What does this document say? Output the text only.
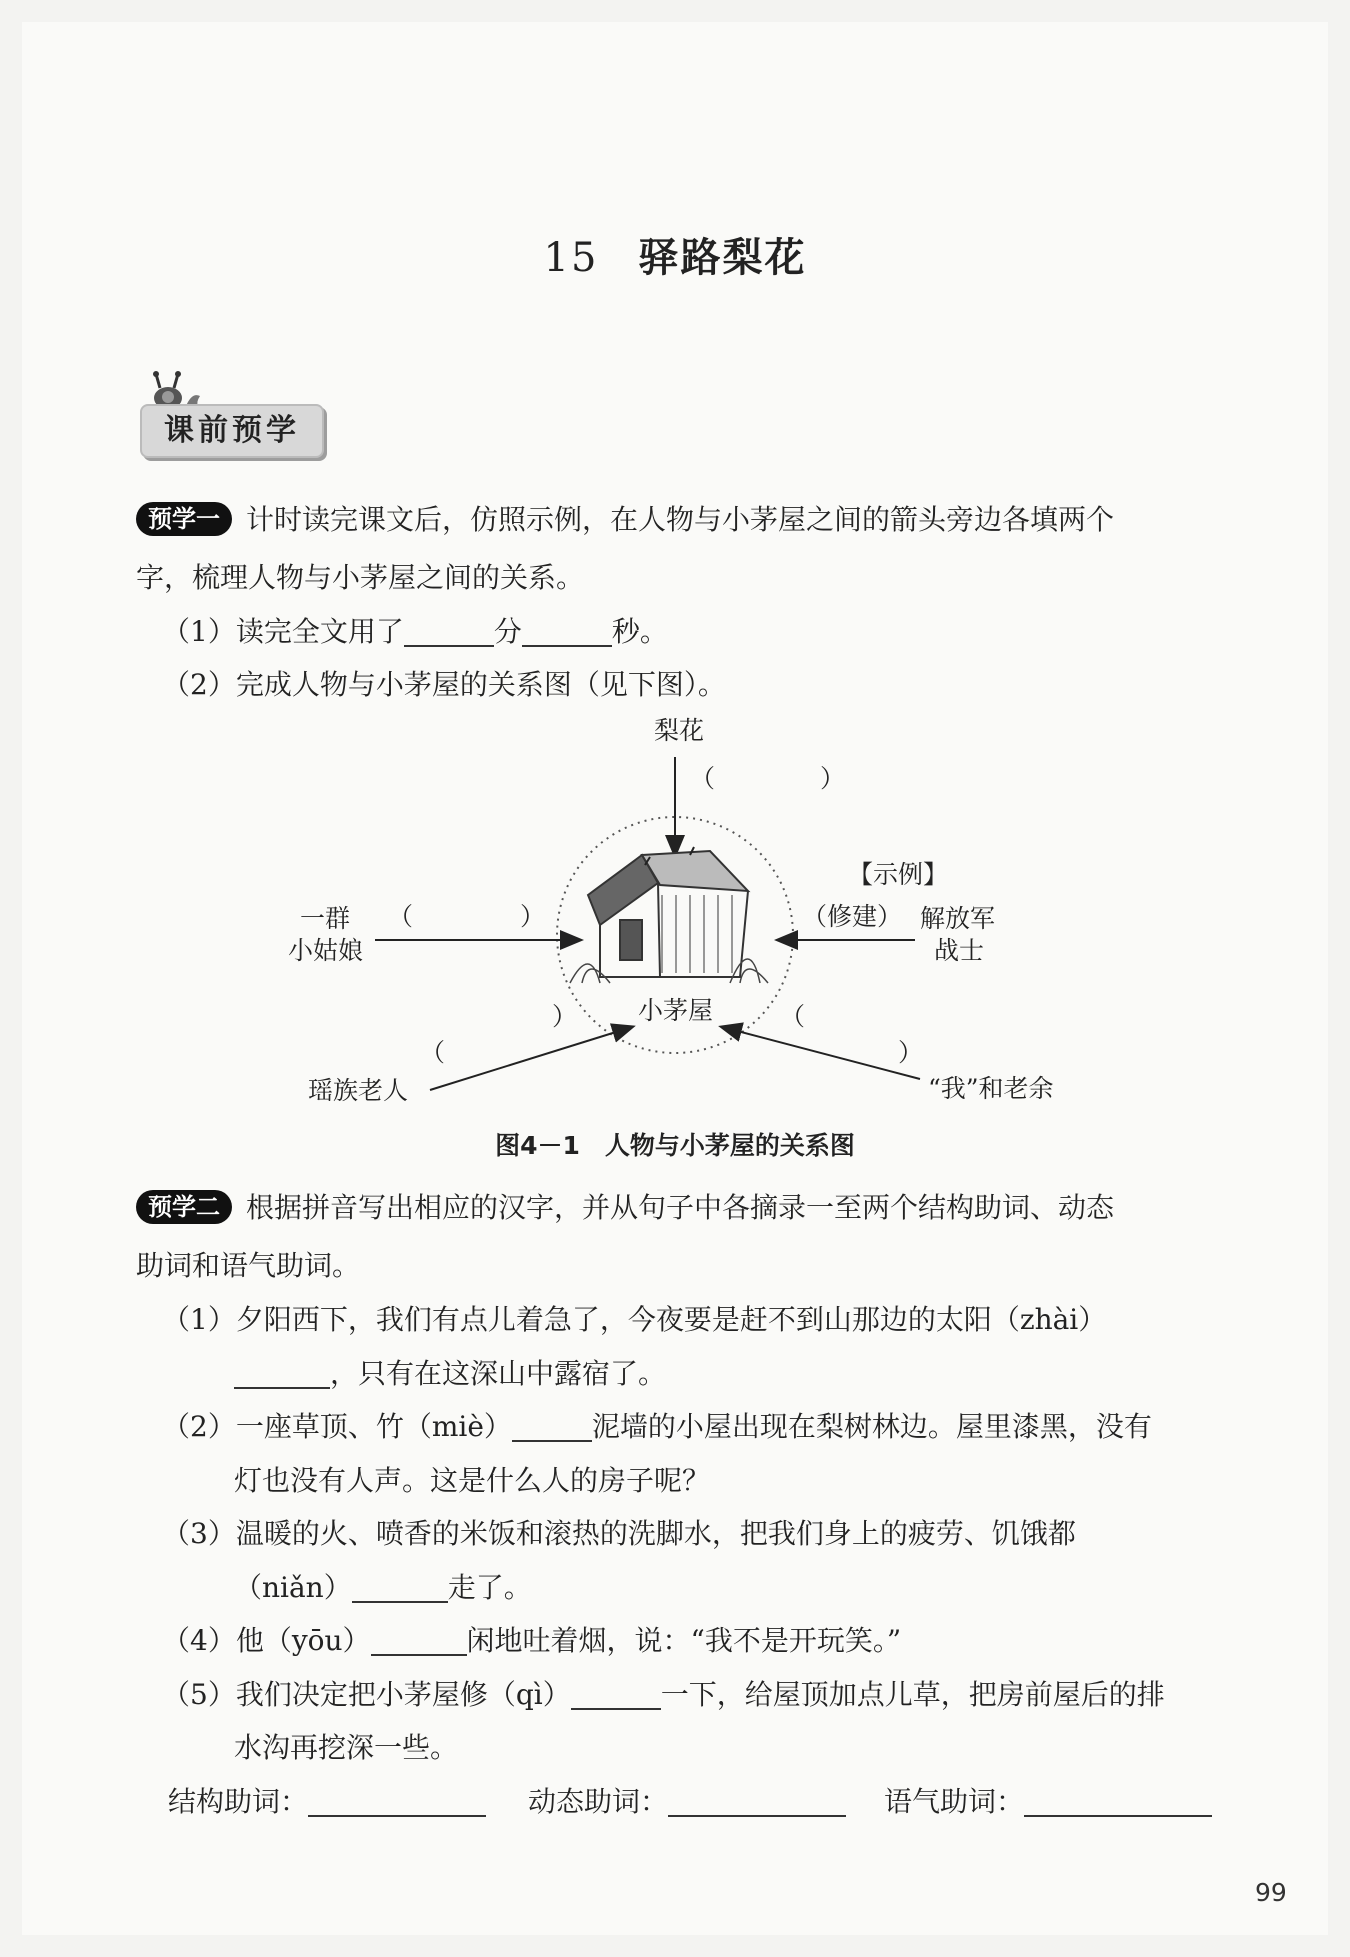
15 驿路梨花
课前预学
预学一 计时读完课文后，仿照示例，在人物与小茅屋之间的箭头旁边各填两个
字，梳理人物与小茅屋之间的关系。
（1）读完全文用了	分	秒。
（2）完成人物与小茅屋的关系图（见下图）。
梨花
（	）
一群
小姑娘
（	）
【示例】
（修建） 解放军
战士
小茅屋
）
（
（
）
瑶族老人	“我”和老余
图4－1　人物与小茅屋的关系图
预学二 根据拼音写出相应的汉字，并从句子中各摘录一至两个结构助词、动态
助词和语气助词。
（1）夕阳西下，我们有点儿着急了，今夜要是赶不到山那边的太阳（zhài）
，只有在这深山中露宿了。
（2）一座草顶、竹（miè）	泥墙的小屋出现在梨树林边。屋里漆黑，没有
灯也没有人声。这是什么人的房子呢？
（3）温暖的火、喷香的米饭和滚热的洗脚水，把我们身上的疲劳、饥饿都
（niǎn）	走了。
（4）他（yōu）	闲地吐着烟，说：“我不是开玩笑。”
（5）我们决定把小茅屋修（qì）	一下，给屋顶加点儿草，把房前屋后的排
水沟再挖深一些。
结构助词：	动态助词：	语气助词：
99
